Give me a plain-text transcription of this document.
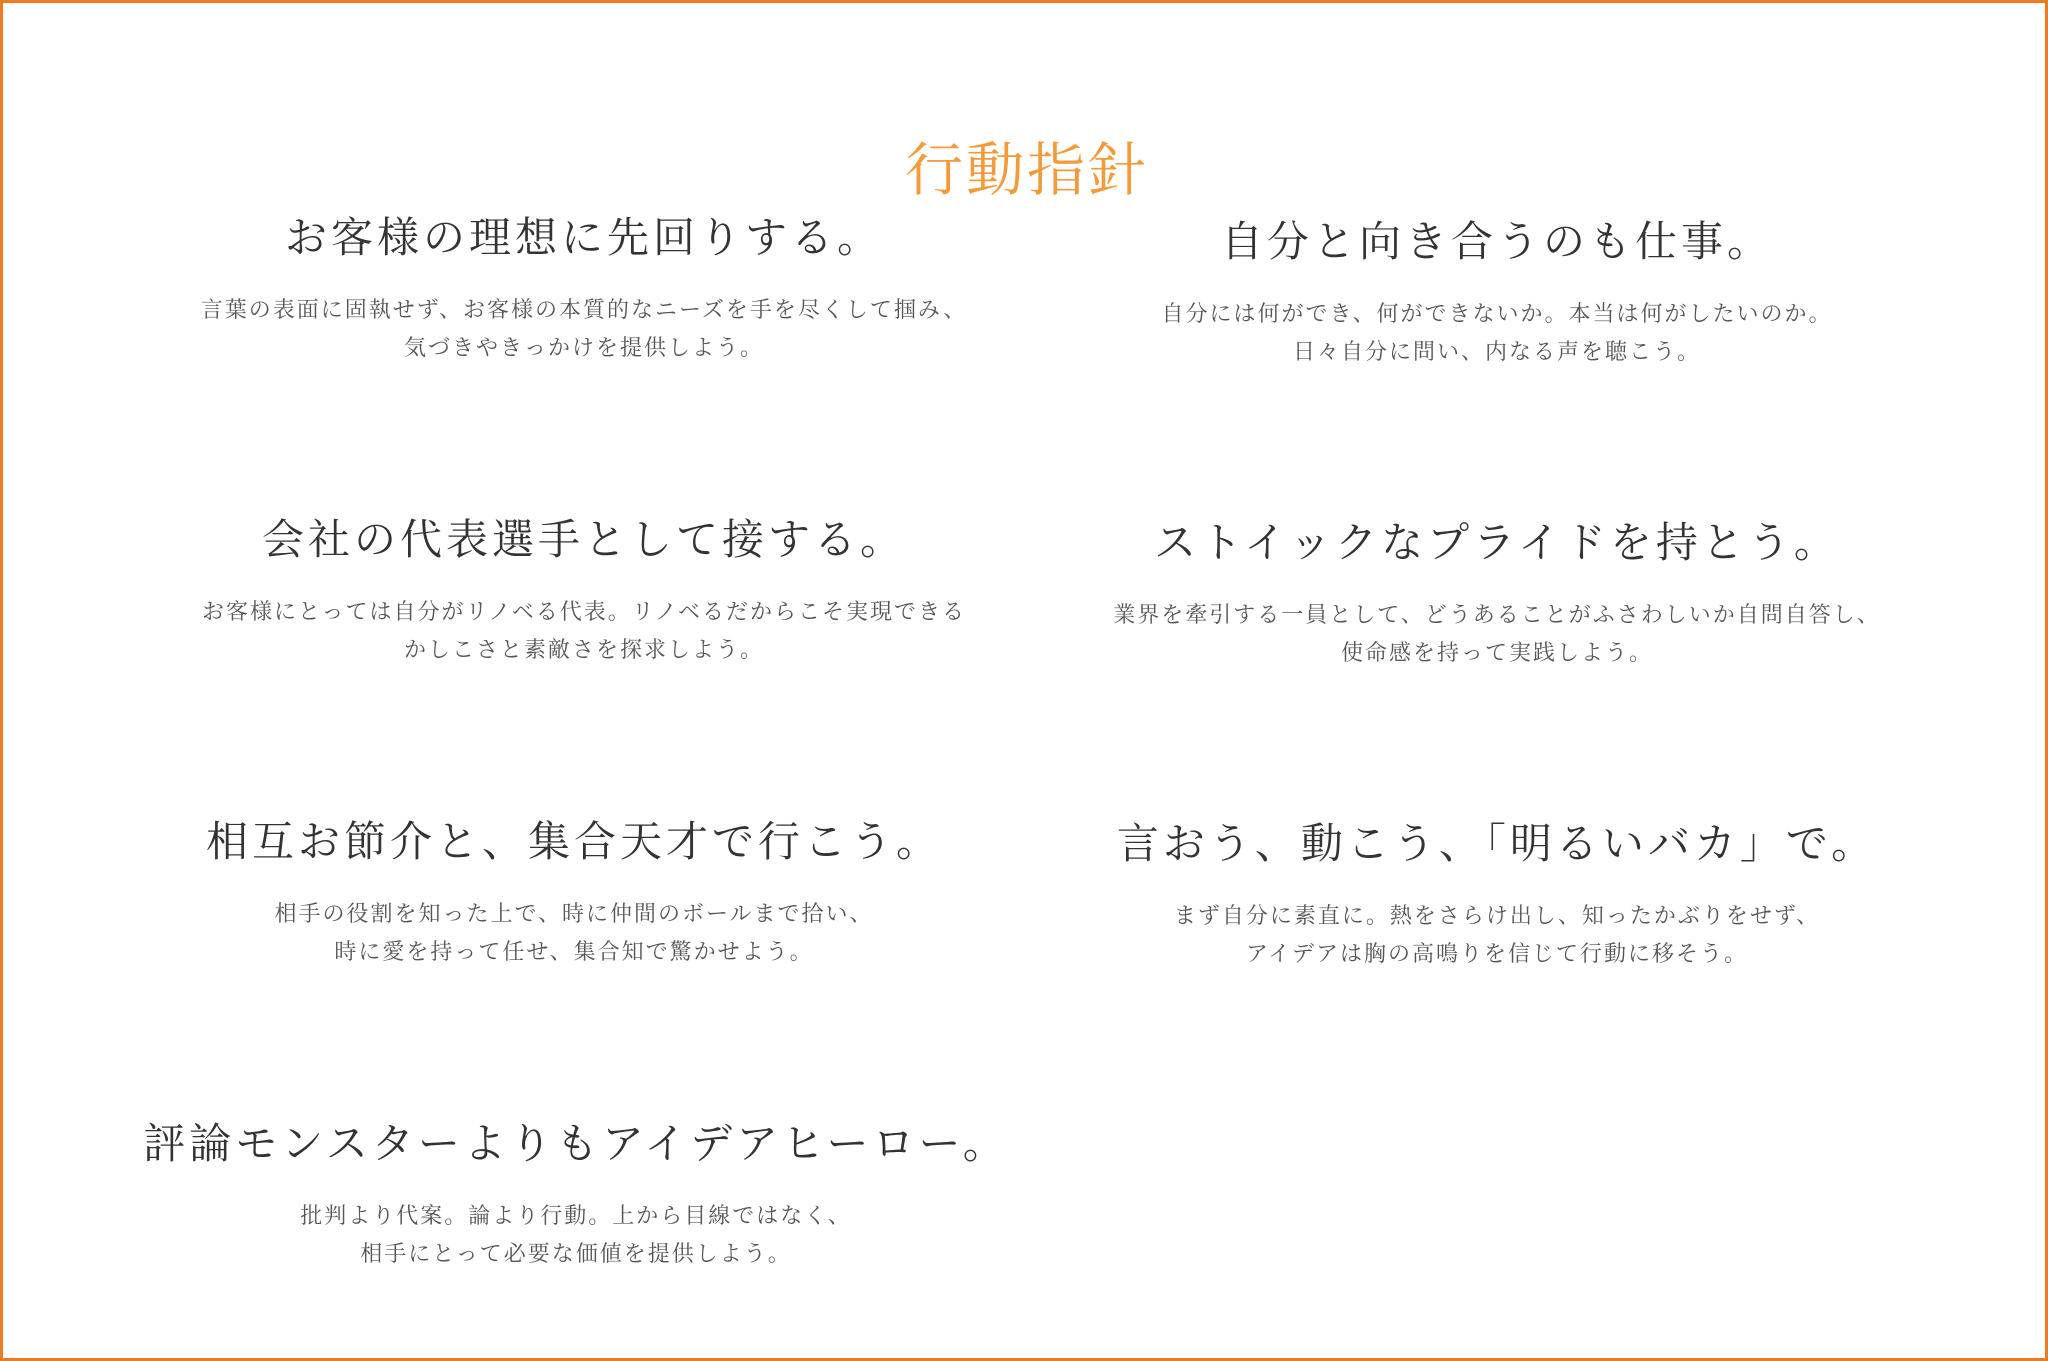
行動指針
お客様の理想に先回りする。
言葉の表面に固執せず、お客様の本質的なニーズを手を尽くして掴み、
気づきやきっかけを提供しよう。
自分と向き合うのも仕事。
自分には何ができ、何ができないか。本当は何がしたいのか。
日々自分に問い、内なる声を聴こう。
会社の代表選手として接する。
お客様にとっては自分がリノベる代表。リノベるだからこそ実現できる
かしこさと素敵さを探求しよう。
ストイックなプライドを持とう。
業界を牽引する一員として、どうあることがふさわしいか自問自答し、
使命感を持って実践しよう。
相互お節介と、集合天才で行こう。
相手の役割を知った上で、時に仲間のボールまで拾い、
時に愛を持って任せ、集合知で驚かせよう。
言おう、動こう、「明るいバカ」で。
まず自分に素直に。熱をさらけ出し、知ったかぶりをせず、
アイデアは胸の高鳴りを信じて行動に移そう。
評論モンスターよりもアイデアヒーロー。
批判より代案。論より行動。上から目線ではなく、
相手にとって必要な価値を提供しよう。
